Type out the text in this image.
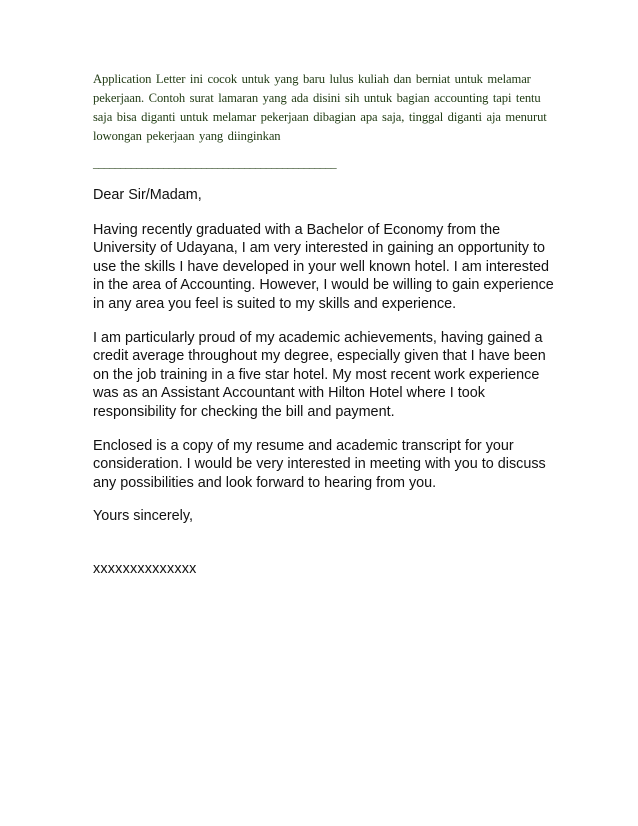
Application Letter ini cocok untuk yang baru lulus kuliah dan berniat untuk melamar pekerjaan. Contoh surat lamaran yang ada disini sih untuk bagian accounting tapi tentu saja bisa diganti untuk melamar pekerjaan dibagian apa saja, tinggal diganti aja menurut lowongan pekerjaan yang diinginkan
_____________________________________________

Dear Sir/Madam,

Having recently graduated with a Bachelor of Economy from the University of Udayana, I am very interested in gaining an opportunity to use the skills I have developed in your well known hotel. I am interested in the area of Accounting. However, I would be willing to gain experience in any area you feel is suited to my skills and experience.

I am particularly proud of my academic achievements, having gained a credit average throughout my degree, especially given that I have been on the job training in a five star hotel. My most recent work experience was as an Assistant Accountant with Hilton Hotel where I took responsibility for checking the bill and payment.

Enclosed is a copy of my resume and academic transcript for your consideration. I would be very interested in meeting with you to discuss any possibilities and look forward to hearing from you.

Yours sincerely,

xxxxxxxxxxxxxx
